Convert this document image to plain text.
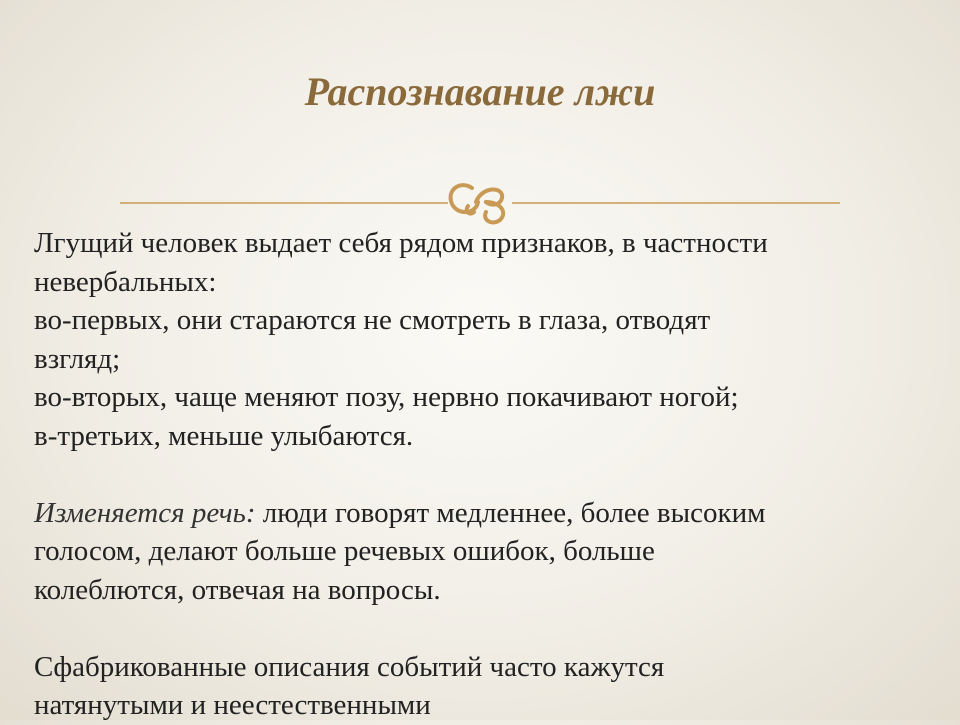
Распознавание лжи

Лгущий человек выдает себя рядом признаков, в частности

невербальных:

во-первых, они стараются не смотреть в глаза, отводят

взгляд;

во-вторых, чаще меняют позу, нервно покачивают ногой;

в-третьих, меньше улыбаются.

Изменяется речь: люди говорят медленнее, более высоким

голосом, делают больше речевых ошибок, больше

колеблются, отвечая на вопросы.

Сфабрикованные описания событий часто кажутся

натянутыми и неестественными
